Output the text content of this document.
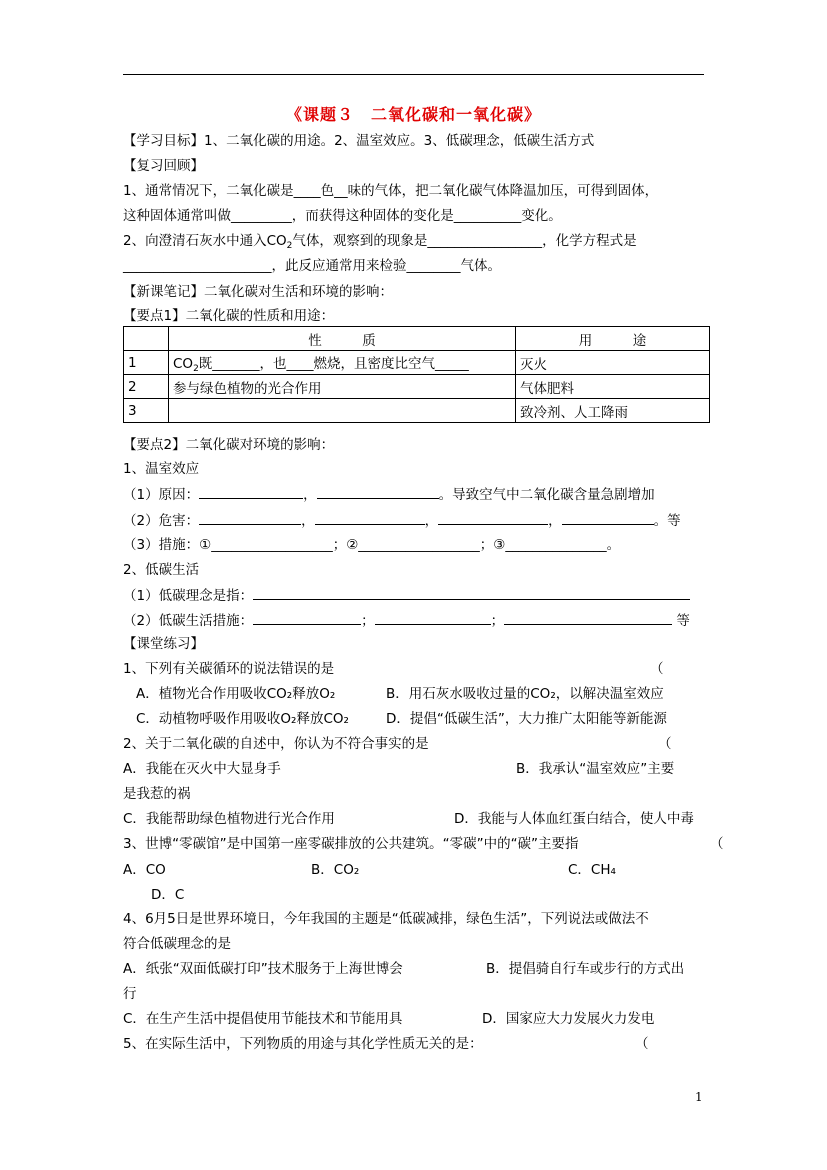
《课题３　二氧化碳和一氧化碳》
【学习目标】1、二氧化碳的用途。2、温室效应。3、低碳理念，低碳生活方式
【复习回顾】
1、通常情况下，二氧化碳是____色__味的气体，把二氧化碳气体降温加压，可得到固体，
这种固体通常叫做_________，而获得这种固体的变化是__________变化。
2、向澄清石灰水中通入$CO_2$气体，观察到的现象是_________________，化学方程式是
______________________，此反应通常用来检验________气体。
【新课笔记】二氧化碳对生活和环境的影响：
【要点1】二氧化碳的性质和用途：
	性　　　质	用　　　途
1	$CO_2$既_______，也____燃烧，且密度比空气_____	灭火
2	参与绿色植物的光合作用	气体肥料
3		致冷剂、人工降雨
【要点2】二氧化碳对环境的影响：
1、温室效应
（1）原因：	，	。导致空气中二氧化碳含量急剧增加
（2）危害：	，	，	，	。等
（3）措施：①__________________；②__________________；③_______________。
2、低碳生活
（1）低碳理念是指：
（2）低碳生活措施：	；	；	等
【课堂练习】
1、下列有关碳循环的说法错误的是	（
A．植物光合作用吸收CO₂释放O₂	B．用石灰水吸收过量的CO₂，以解决温室效应
C．动植物呼吸作用吸收O₂释放CO₂	D．提倡“低碳生活”，大力推广太阳能等新能源
2、关于二氧化碳的自述中，你认为不符合事实的是	（
A．我能在灭火中大显身手	B．我承认“温室效应”主要
是我惹的祸
C．我能帮助绿色植物进行光合作用	D．我能与人体血红蛋白结合，使人中毒
3、世博“零碳馆”是中国第一座零碳排放的公共建筑。“零碳”中的“碳”主要指	（
A．CO	B．CO₂	C．CH₄
D．C
4、6月5日是世界环境日，今年我国的主题是“低碳减排，绿色生活”，下列说法或做法不
符合低碳理念的是
A．纸张“双面低碳打印”技术服务于上海世博会	B．提倡骑自行车或步行的方式出
行
C．在生产生活中提倡使用节能技术和节能用具	D．国家应大力发展火力发电
5、在实际生活中，下列物质的用途与其化学性质无关的是：	（
1
